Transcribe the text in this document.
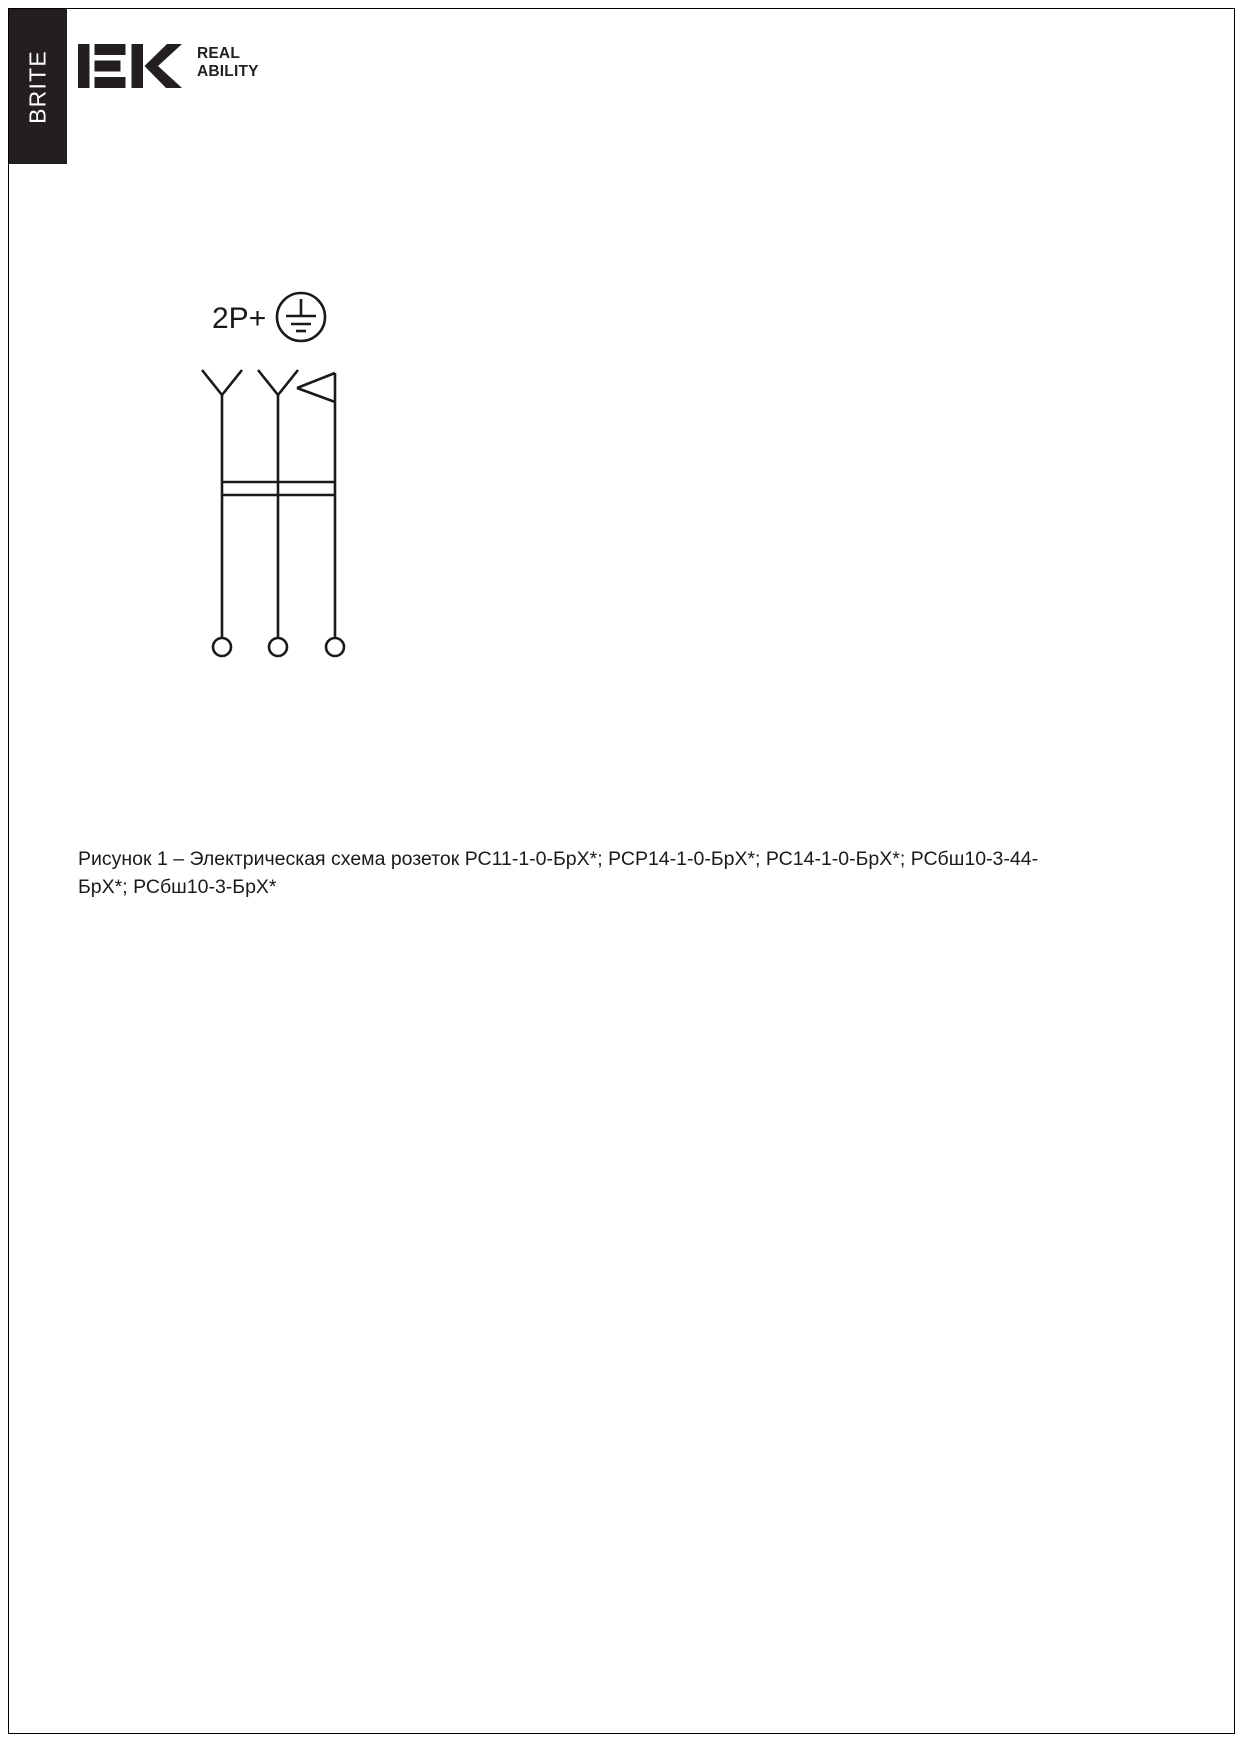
BRITE	REAL
ABILITY
2P+
Рисунок 1 – Электрическая схема розеток РС11-1-0-БрХ*; РСР14-1-0-БрХ*; РС14-1-0-БрХ*; РСбш10-3-44-БрХ*; РСбш10-3-БрХ*
